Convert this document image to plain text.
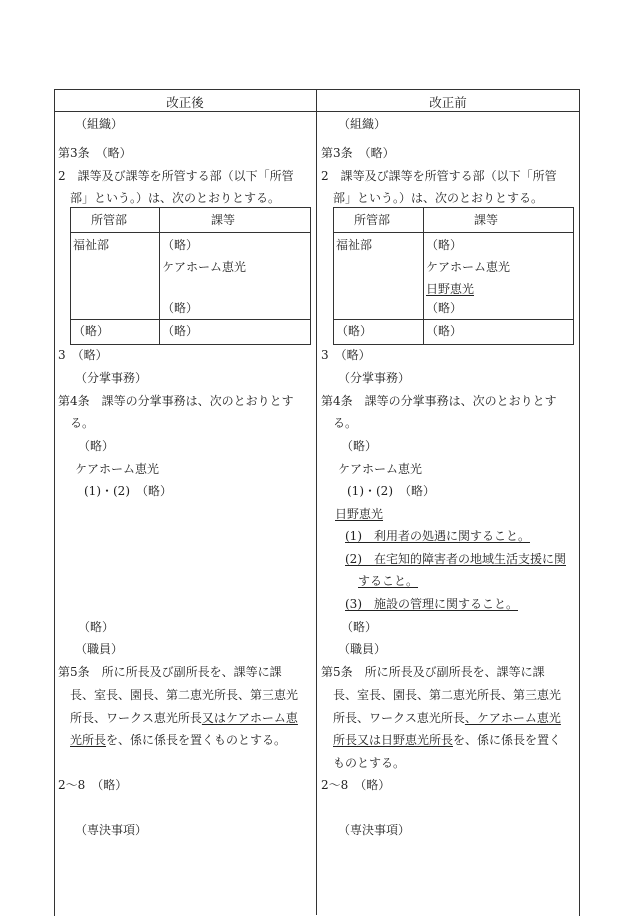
改正後	改正前
（組織）
第3条　（略）
2　課等及び課等を所管する部（以下「所管
部」という。）は、次のとおりとする。
所管部	課等
福祉部	（略）
ケアホーム恵光
（略）
（略）	（略）
3　（略）
（分掌事務）
第4条　課等の分掌事務は、次のとおりとす
る。
（略）
ケアホーム恵光
(1)・(2)　（略）
（略）
（職員）
第5条　所に所長及び副所長を、課等に課
長、室長、園長、第二恵光所長、第三恵光
所長、ワークス恵光所長又はケアホーム恵
光所長を、係に係長を置くものとする。
2〜8　（略）
（専決事項）
（組織）
第3条　（略）
2　課等及び課等を所管する部（以下「所管
部」という。）は、次のとおりとする。
所管部	課等
福祉部	（略）
ケアホーム恵光
日野恵光
（略）
（略）	（略）
3　（略）
（分掌事務）
第4条　課等の分掌事務は、次のとおりとす
る。
（略）
ケアホーム恵光
(1)・(2)　（略）
日野恵光
(1)　利用者の処遇に関すること。
(2)　在宅知的障害者の地域生活支援に関
すること。
(3)　施設の管理に関すること。
（略）
（職員）
第5条　所に所長及び副所長を、課等に課
長、室長、園長、第二恵光所長、第三恵光
所長、ワークス恵光所長、ケアホーム恵光
所長又は日野恵光所長を、係に係長を置く
ものとする。
2〜8　（略）
（専決事項）
